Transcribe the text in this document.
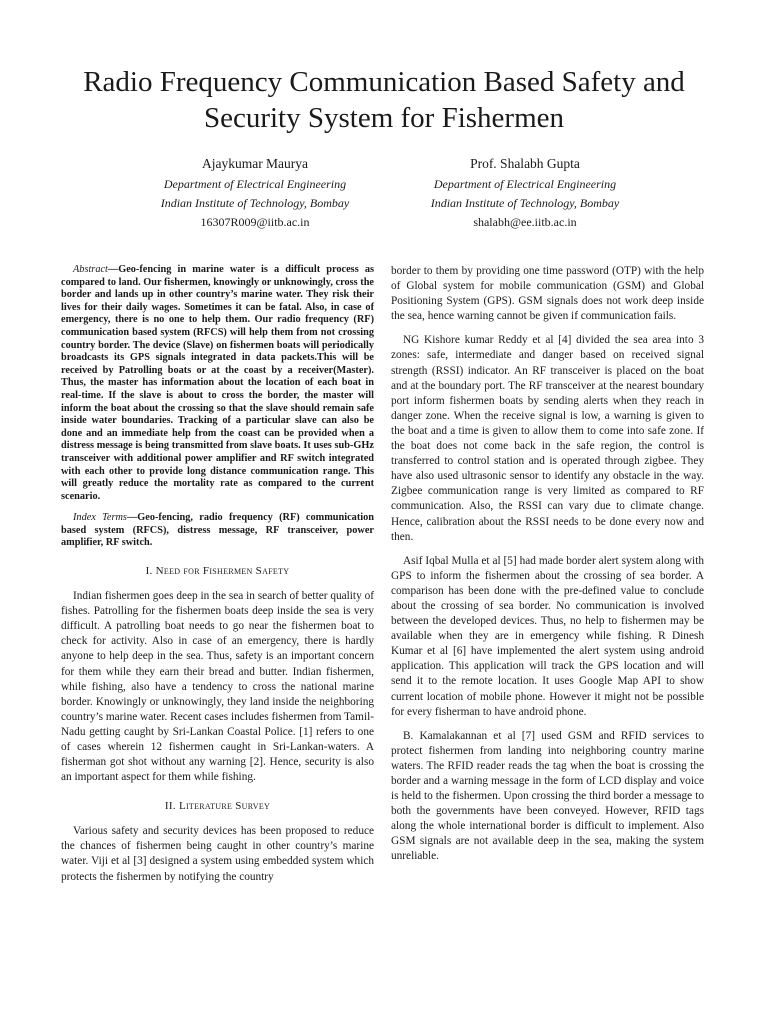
Radio Frequency Communication Based Safety and
Security System for Fishermen
Ajaykumar Maurya
Department of Electrical Engineering
Indian Institute of Technology, Bombay
16307R009@iitb.ac.in
Prof. Shalabh Gupta
Department of Electrical Engineering
Indian Institute of Technology, Bombay
shalabh@ee.iitb.ac.in

Abstract—Geo-fencing in marine water is a difficult process as compared to land. Our fishermen, knowingly or unknowingly, cross the border and lands up in other country’s marine water. They risk their lives for their daily wages. Sometimes it can be fatal. Also, in case of emergency, there is no one to help them. Our radio frequency (RF) communication based system (RFCS) will help them from not crossing country border. The device (Slave) on fishermen boats will periodically broadcasts its GPS signals integrated in data packets.This will be received by Patrolling boats or at the coast by a receiver(Master). Thus, the master has information about the location of each boat in real-time. If the slave is about to cross the border, the master will inform the boat about the crossing so that the slave should remain safe inside water boundaries. Tracking of a particular slave can also be done and an immediate help from the coast can be provided when a distress message is being transmitted from slave boats. It uses sub-GHz transceiver with additional power amplifier and RF switch integrated with each other to provide long distance communication range. This will greatly reduce the mortality rate as compared to the current scenario.

Index Terms—Geo-fencing, radio frequency (RF) communication based system (RFCS), distress message, RF transceiver, power amplifier, RF switch.

I. Need for Fishermen Safety

Indian fishermen goes deep in the sea in search of better quality of fishes. Patrolling for the fishermen boats deep inside the sea is very difficult. A patrolling boat needs to go near the fishermen boat to check for activity. Also in case of an emergency, there is hardly anyone to help deep in the sea. Thus, safety is an important concern for them while they earn their bread and butter. Indian fishermen, while fishing, also have a tendency to cross the national marine border. Knowingly or unknowingly, they land inside the neighboring country’s marine water. Recent cases includes fishermen from Tamil-Nadu getting caught by Sri-Lankan Coastal Police. [1] refers to one of cases wherein 12 fishermen caught in Sri-Lankan-waters. A fisherman got shot without any warning [2]. Hence, security is also an important aspect for them while fishing.

II. Literature Survey

Various safety and security devices has been proposed to reduce the chances of fishermen being caught in other country’s marine water. Viji et al [3] designed a system using embedded system which protects the fishermen by notifying the country

border to them by providing one time password (OTP) with the help of Global system for mobile communication (GSM) and Global Positioning System (GPS). GSM signals does not work deep inside the sea, hence warning cannot be given if communication fails.

NG Kishore kumar Reddy et al [4] divided the sea area into 3 zones: safe, intermediate and danger based on received signal strength (RSSI) indicator. An RF transceiver is placed on the boat and at the boundary port. The RF transceiver at the nearest boundary port inform fishermen boats by sending alerts when they reach in danger zone. When the receive signal is low, a warning is given to the boat and a time is given to allow them to come into safe zone. If the boat does not come back in the safe region, the control is transferred to control station and is operated through zigbee. They have also used ultrasonic sensor to identify any obstacle in the way. Zigbee communication range is very limited as compared to RF communication. Also, the RSSI can vary due to climate change. Hence, calibration about the RSSI needs to be done every now and then.

Asif Iqbal Mulla et al [5] had made border alert system along with GPS to inform the fishermen about the crossing of sea border. A comparison has been done with the pre-defined value to conclude about the crossing of sea border. No communication is involved between the developed devices. Thus, no help to fishermen may be available when they are in emergency while fishing. R Dinesh Kumar et al [6] have implemented the alert system using android application. This application will track the GPS location and will send it to the remote location. It uses Google Map API to show current location of mobile phone. However it might not be possible for every fisherman to have android phone.

B. Kamalakannan et al [7] used GSM and RFID services to protect fishermen from landing into neighboring country marine waters. The RFID reader reads the tag when the boat is crossing the border and a warning message in the form of LCD display and voice is held to the fishermen. Upon crossing the third border a message to both the governments have been conveyed. However, RFID tags along the whole international border is difficult to implement. Also GSM signals are not available deep in the sea, making the system unreliable.
